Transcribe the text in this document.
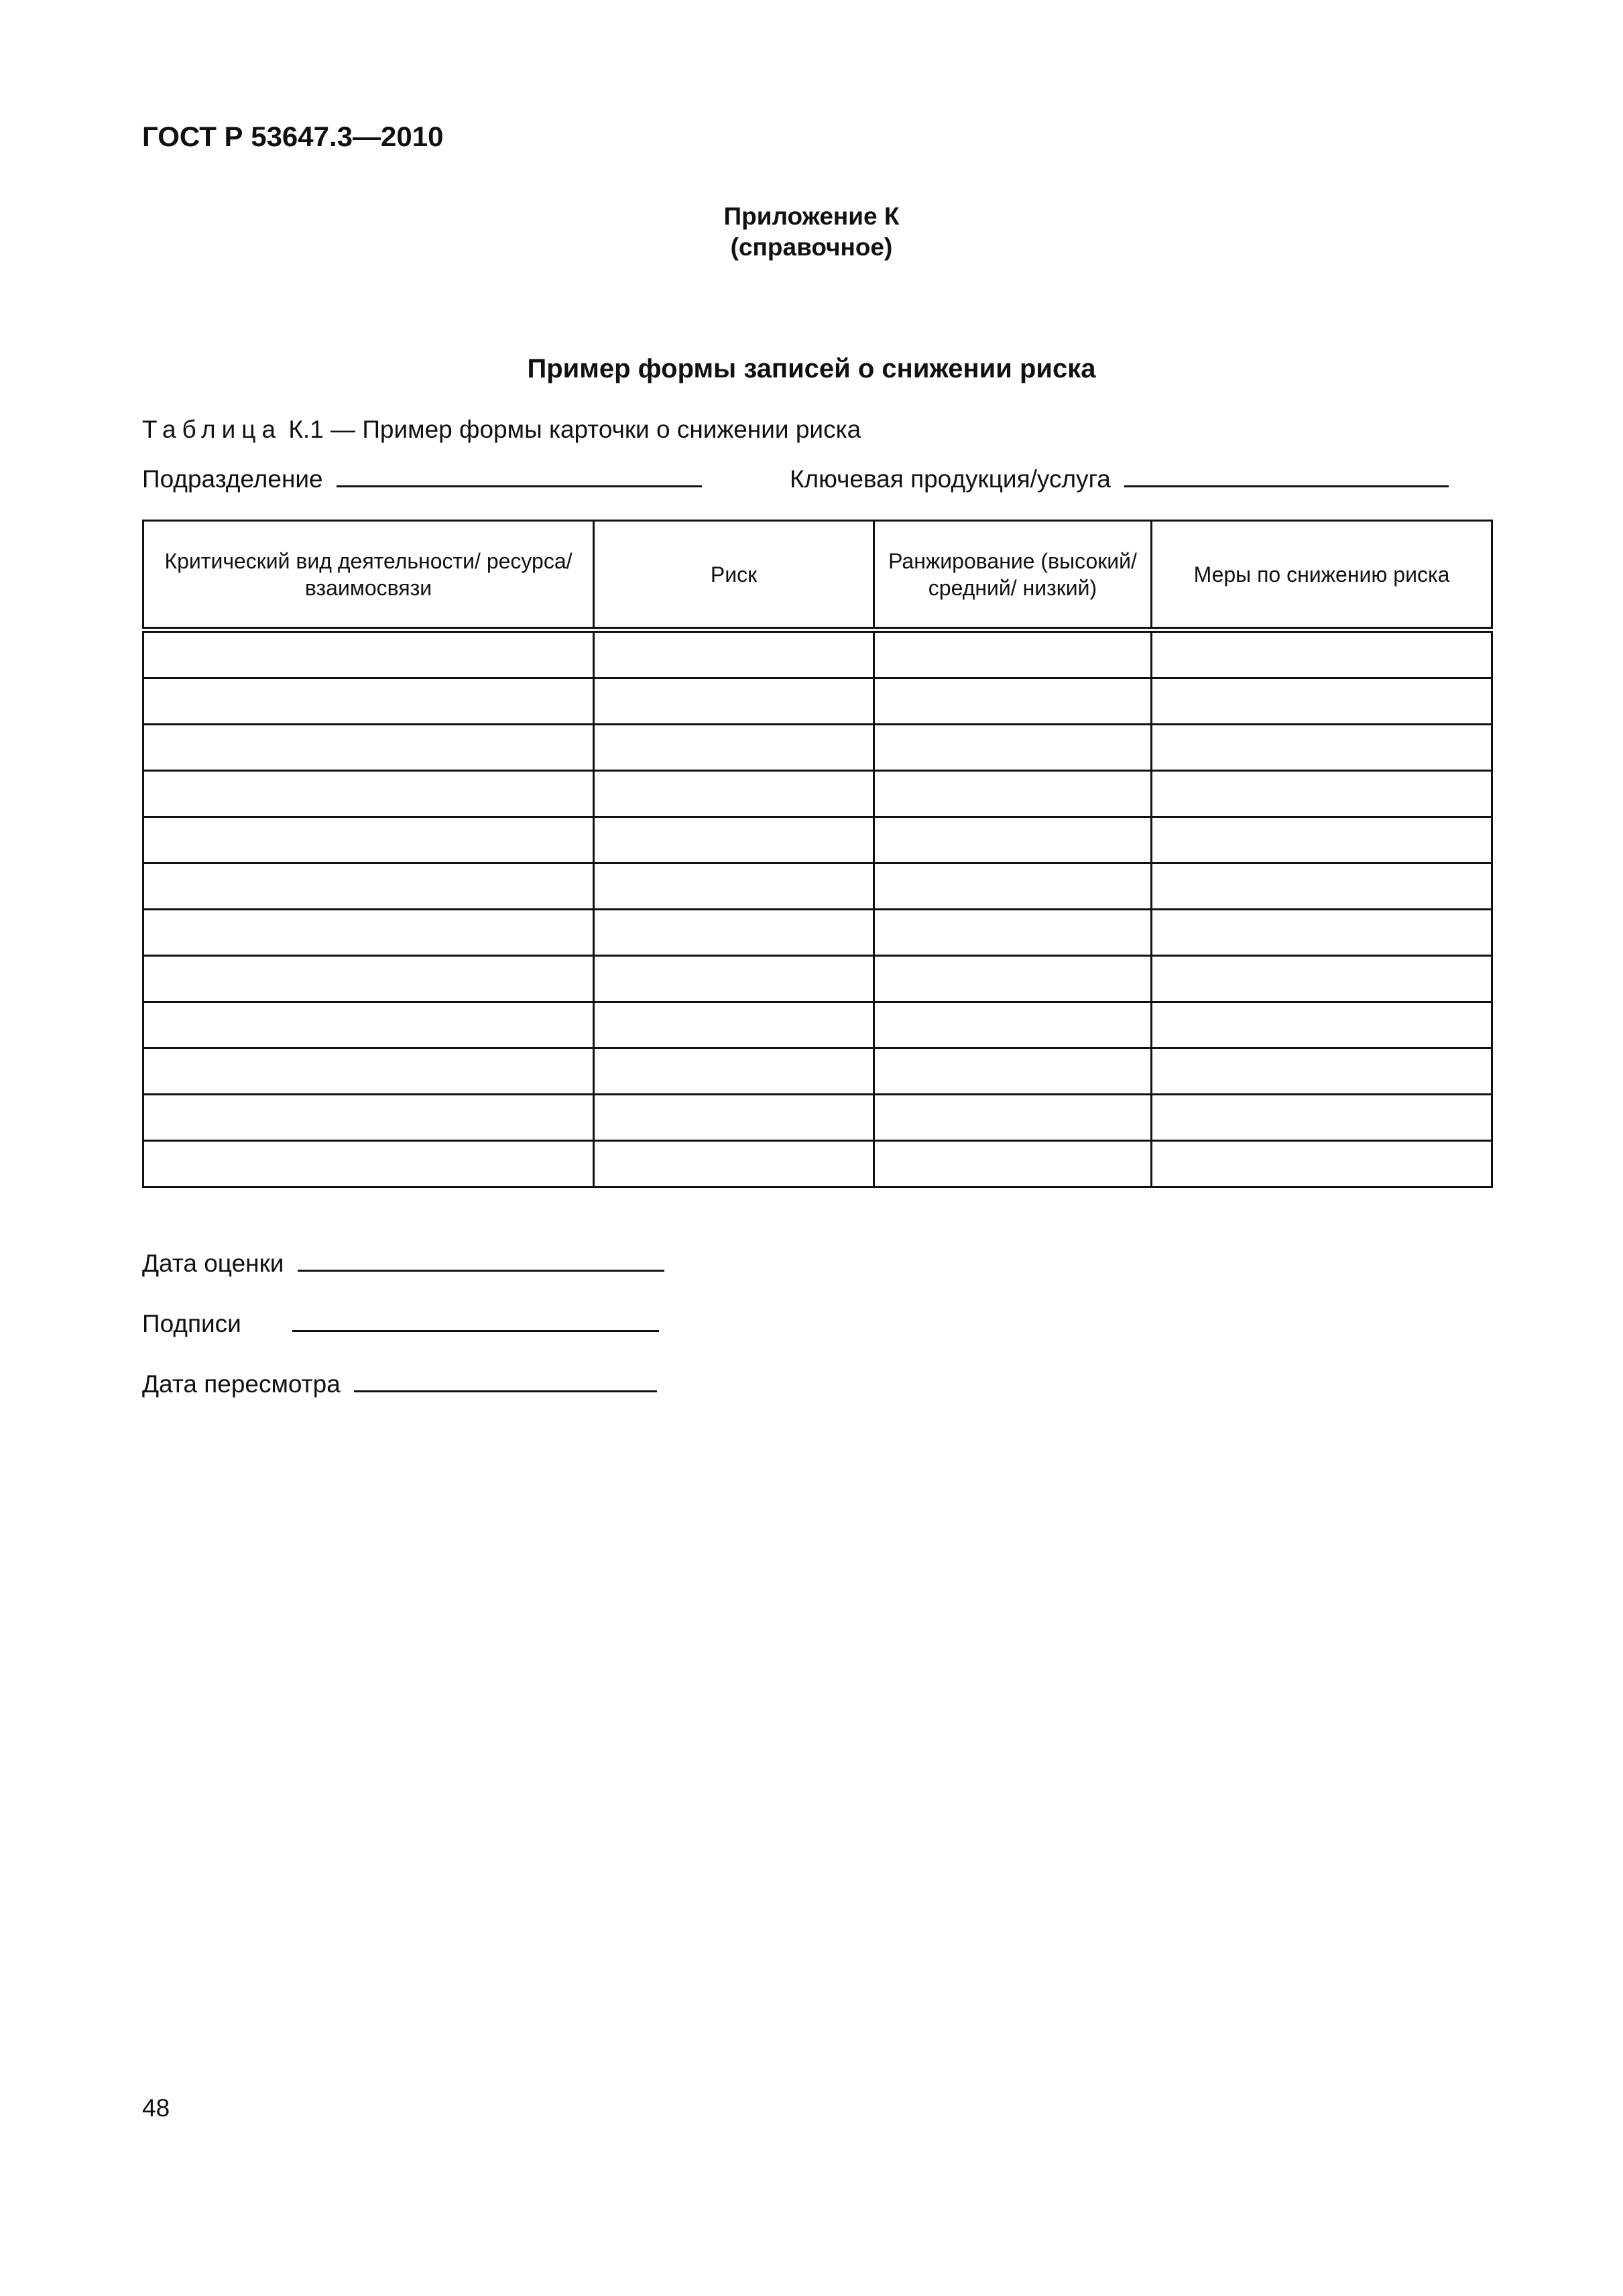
ГОСТ Р 53647.3—2010
Приложение К
(справочное)
Пример формы записей о снижении риска
Таблица К.1 — Пример формы карточки о снижении риска
Подразделение	Ключевая продукция/услуга
Критический вид деятельности/ ресурса/ взаимосвязи	Риск	Ранжирование (высокий/ средний/ низкий)	Меры по снижению риска

Дата оценки
Подписи
Дата пересмотра
48
